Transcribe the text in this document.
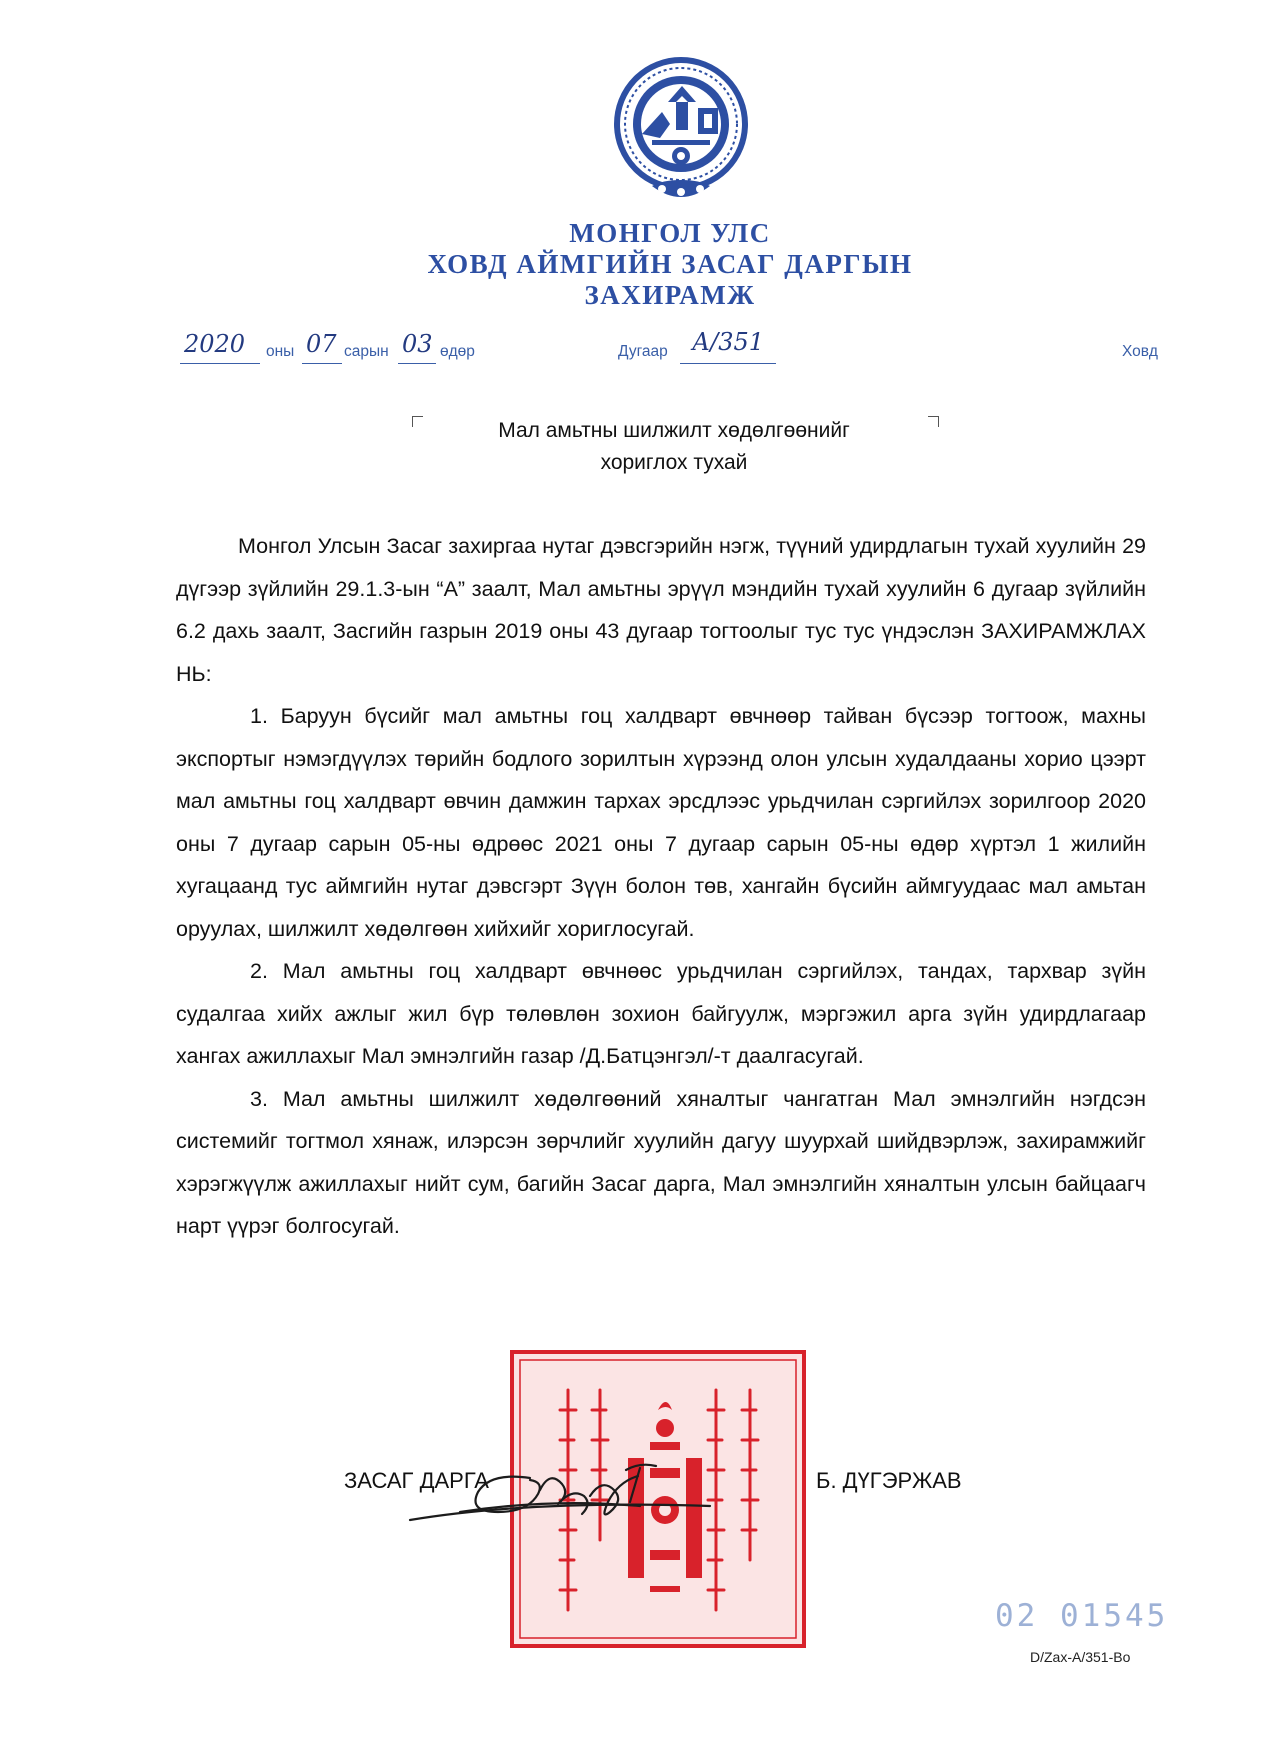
МОНГОЛ УЛС
ХОВД АЙМГИЙН ЗАСАГ ДАРГЫН
ЗАХИРАМЖ
2020 оны 07 сарын 03 өдөр	Дугаар А/351	Ховд
Мал амьтны шилжилт хөдөлгөөнийг
хориглох тухай

Монгол Улсын Засаг захиргаа нутаг дэвсгэрийн нэгж, түүний удирдлагын тухай хуулийн 29 дүгээр зүйлийн 29.1.3-ын “А” заалт, Мал амьтны эрүүл мэндийн тухай хуулийн 6 дугаар зүйлийн 6.2 дахь заалт, Засгийн газрын 2019 оны 43 дугаар тогтоолыг тус тус үндэслэн ЗАХИРАМЖЛАХ НЬ:

1. Баруун бүсийг мал амьтны гоц халдварт өвчнөөр тайван бүсээр тогтоож, махны экспортыг нэмэгдүүлэх төрийн бодлого зорилтын хүрээнд олон улсын худалдааны хорио цээрт мал амьтны гоц халдварт өвчин дамжин тархах эрсдлээс урьдчилан сэргийлэх зорилгоор 2020 оны 7 дугаар сарын 05-ны өдрөөс 2021 оны 7 дугаар сарын 05-ны өдөр хүртэл 1 жилийн хугацаанд тус аймгийн нутаг дэвсгэрт Зүүн болон төв, хангайн бүсийн аймгуудаас мал амьтан оруулах, шилжилт хөдөлгөөн хийхийг хориглосугай.

2. Мал амьтны гоц халдварт өвчнөөс урьдчилан сэргийлэх, тандах, тархвар зүйн судалгаа хийх ажлыг жил бүр төлөвлөн зохион байгуулж, мэргэжил арга зүйн удирдлагаар хангах ажиллахыг Мал эмнэлгийн газар /Д.Батцэнгэл/-т даалгасугай.

3. Мал амьтны шилжилт хөдөлгөөний хяналтыг чангатган Мал эмнэлгийн нэгдсэн системийг тогтмол хянаж, илэрсэн зөрчлийг хуулийн дагуу шуурхай шийдвэрлэж, захирамжийг хэрэгжүүлж ажиллахыг нийт сум, багийн Засаг дарга, Мал эмнэлгийн хяналтын улсын байцаагч нарт үүрэг болгосугай.

ЗАСАГ ДАРГА	Б. ДҮГЭРЖАВ
02 01545
D/Zax-A/351-Bo
